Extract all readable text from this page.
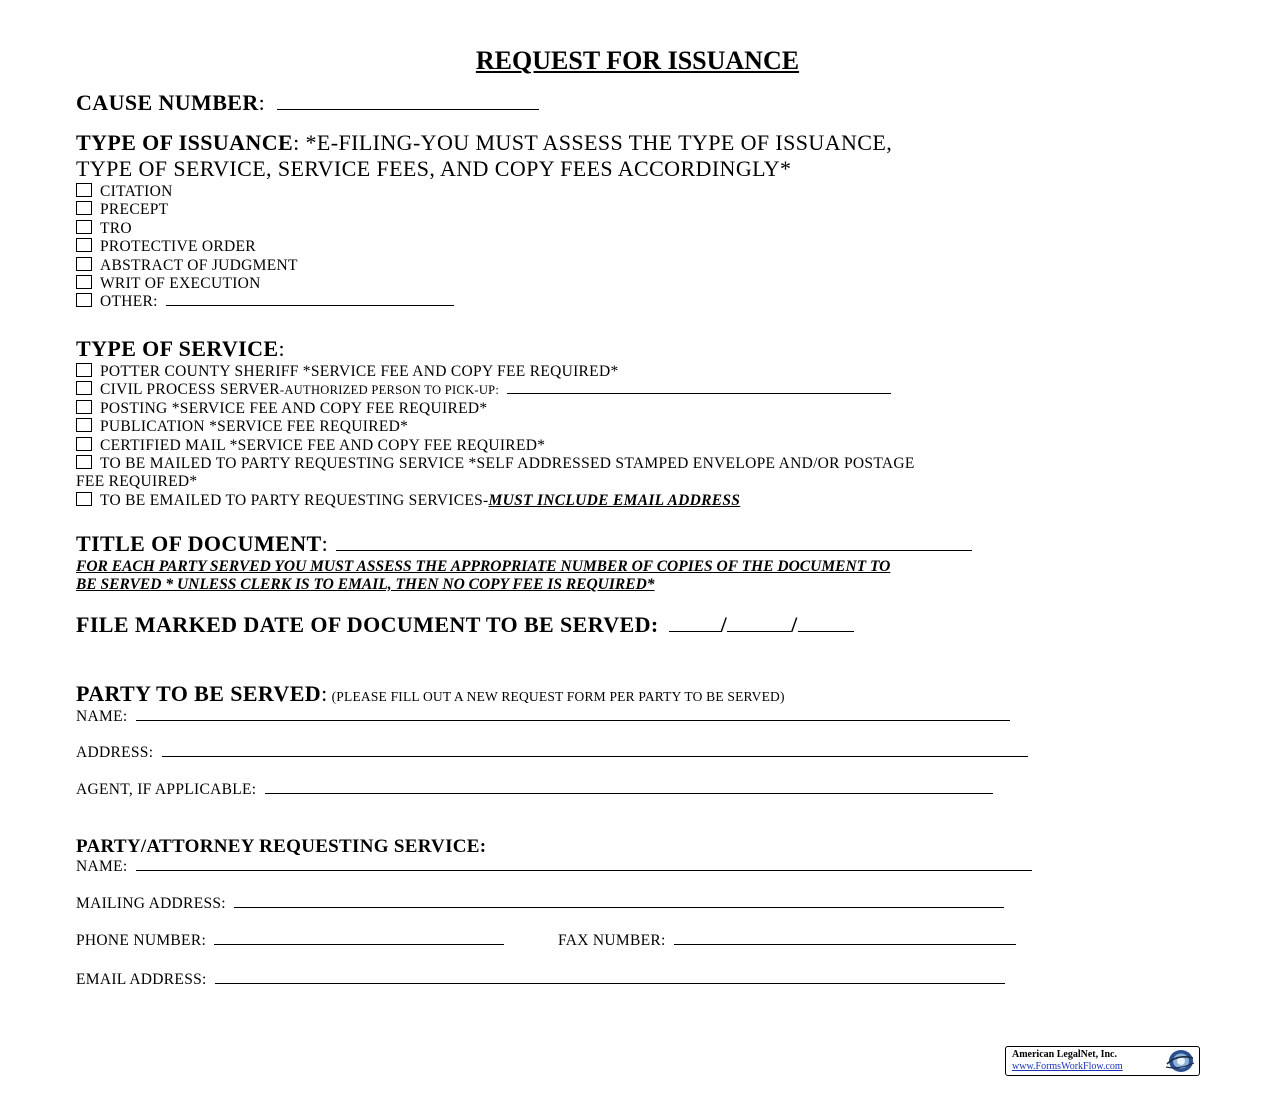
REQUEST FOR ISSUANCE
CAUSE NUMBER:
TYPE OF ISSUANCE: *E-FILING-YOU MUST ASSESS THE TYPE OF ISSUANCE,
TYPE OF SERVICE, SERVICE FEES, AND COPY FEES ACCORDINGLY*
CITATION
PRECEPT
TRO
PROTECTIVE ORDER
ABSTRACT OF JUDGMENT
WRIT OF EXECUTION
OTHER:
TYPE OF SERVICE:
POTTER COUNTY SHERIFF *SERVICE FEE AND COPY FEE REQUIRED*
CIVIL PROCESS SERVER-AUTHORIZED PERSON TO PICK-UP:
POSTING *SERVICE FEE AND COPY FEE REQUIRED*
PUBLICATION *SERVICE FEE REQUIRED*
CERTIFIED MAIL *SERVICE FEE AND COPY FEE REQUIRED*
TO BE MAILED TO PARTY REQUESTING SERVICE *SELF ADDRESSED STAMPED ENVELOPE AND/OR POSTAGE
FEE REQUIRED*
TO BE EMAILED TO PARTY REQUESTING SERVICES-MUST INCLUDE EMAIL ADDRESS
TITLE OF DOCUMENT:
FOR EACH PARTY SERVED YOU MUST ASSESS THE APPROPRIATE NUMBER OF COPIES OF THE DOCUMENT TO
BE SERVED * UNLESS CLERK IS TO EMAIL, THEN NO COPY FEE IS REQUIRED*
FILE MARKED DATE OF DOCUMENT TO BE SERVED:	/	/
PARTY TO BE SERVED: (PLEASE FILL OUT A NEW REQUEST FORM PER PARTY TO BE SERVED)
NAME:
ADDRESS:
AGENT, IF APPLICABLE:
PARTY/ATTORNEY REQUESTING SERVICE:
NAME:
MAILING ADDRESS:
PHONE NUMBER:	FAX NUMBER:
EMAIL ADDRESS:
American LegalNet, Inc.
www.FormsWorkFlow.com
